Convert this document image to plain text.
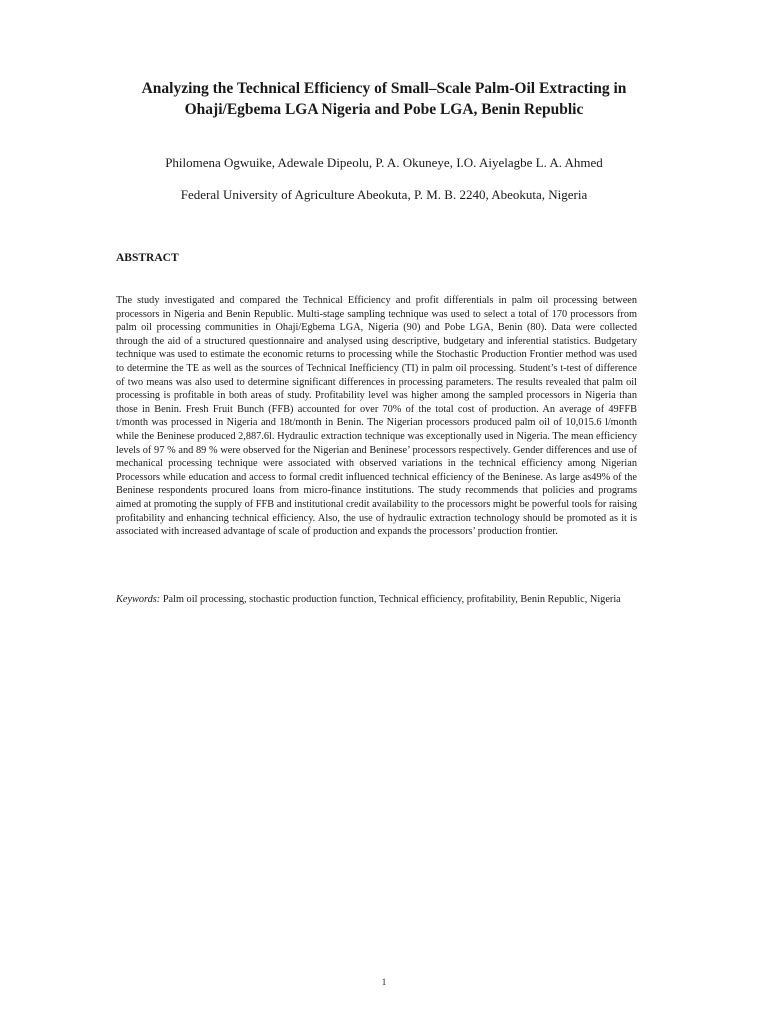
Analyzing the Technical Efficiency of Small–Scale Palm-Oil Extracting in
Ohaji/Egbema LGA Nigeria and Pobe LGA, Benin Republic

Philomena Ogwuike, Adewale Dipeolu, P. A. Okuneye, I.O. Aiyelagbe L. A. Ahmed

Federal University of Agriculture Abeokuta, P. M. B. 2240, Abeokuta, Nigeria

ABSTRACT

The study investigated and compared the Technical Efficiency and profit differentials in palm oil processing between processors in Nigeria and Benin Republic. Multi-stage sampling technique was used to select a total of 170 processors from palm oil processing communities in Ohaji/Egbema LGA, Nigeria (90) and Pobe LGA, Benin (80). Data were collected through the aid of a structured questionnaire and analysed using descriptive, budgetary and inferential statistics. Budgetary technique was used to estimate the economic returns to processing while the Stochastic Production Frontier method was used to determine the TE as well as the sources of Technical Inefficiency (TI) in palm oil processing. Student’s t-test of difference of two means was also used to determine significant differences in processing parameters. The results revealed that palm oil processing is profitable in both areas of study. Profitability level was higher among the sampled processors in Nigeria than those in Benin. Fresh Fruit Bunch (FFB) accounted for over 70% of the total cost of production. An average of 49FFB t/month was processed in Nigeria and 18t/month in Benin. The Nigerian processors produced palm oil of 10,015.6 l/month while the Beninese produced 2,887.6l. Hydraulic extraction technique was exceptionally used in Nigeria. The mean efficiency levels of 97 % and 89 % were observed for the Nigerian and Beninese’ processors respectively. Gender differences and use of mechanical processing technique were associated with observed variations in the technical efficiency among Nigerian Processors while education and access to formal credit influenced technical efficiency of the Beninese. As large as49% of the Beninese respondents procured loans from micro-finance institutions. The study recommends that policies and programs aimed at promoting the supply of FFB and institutional credit availability to the processors might be powerful tools for raising profitability and enhancing technical efficiency. Also, the use of hydraulic extraction technology should be promoted as it is associated with increased advantage of scale of production and expands the processors’ production frontier.

Keywords: Palm oil processing, stochastic production function, Technical efficiency, profitability, Benin Republic, Nigeria

1
